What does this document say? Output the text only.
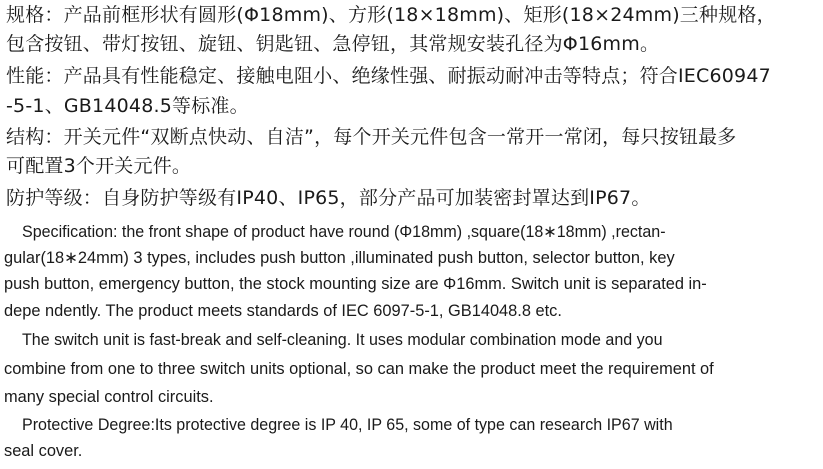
规格：产品前框形状有圆形(Φ18mm)、方形(18×18mm)、矩形(18×24mm)三种规格，
包含按钮、带灯按钮、旋钮、钥匙钮、急停钮，其常规安装孔径为Φ16mm。
性能：产品具有性能稳定、接触电阻小、绝缘性强、耐振动耐冲击等特点；符合IEC60947
-5-1、GB14048.5等标准。
结构：开关元件“双断点快动、自洁”，每个开关元件包含一常开一常闭，每只按钮最多
可配置3个开关元件。
防护等级：自身防护等级有IP40、IP65，部分产品可加装密封罩达到IP67。
Specification: the front shape of product have round (Φ18mm) ,square(18∗18mm) ,rectan-
gular(18∗24mm) 3 types, includes push button ,illuminated push button, selector button, key
push button, emergency button, the stock mounting size are Φ16mm. Switch unit is separated in-
depe ndently. The product meets standards of IEC 6097-5-1, GB14048.8 etc.
The switch unit is fast-break and self-cleaning. It uses modular combination mode and you
combine from one to three switch units optional, so can make the product meet the requirement of
many special control circuits.
Protective Degree:Its protective degree is IP 40, IP 65, some of type can research IP67 with
seal cover.
